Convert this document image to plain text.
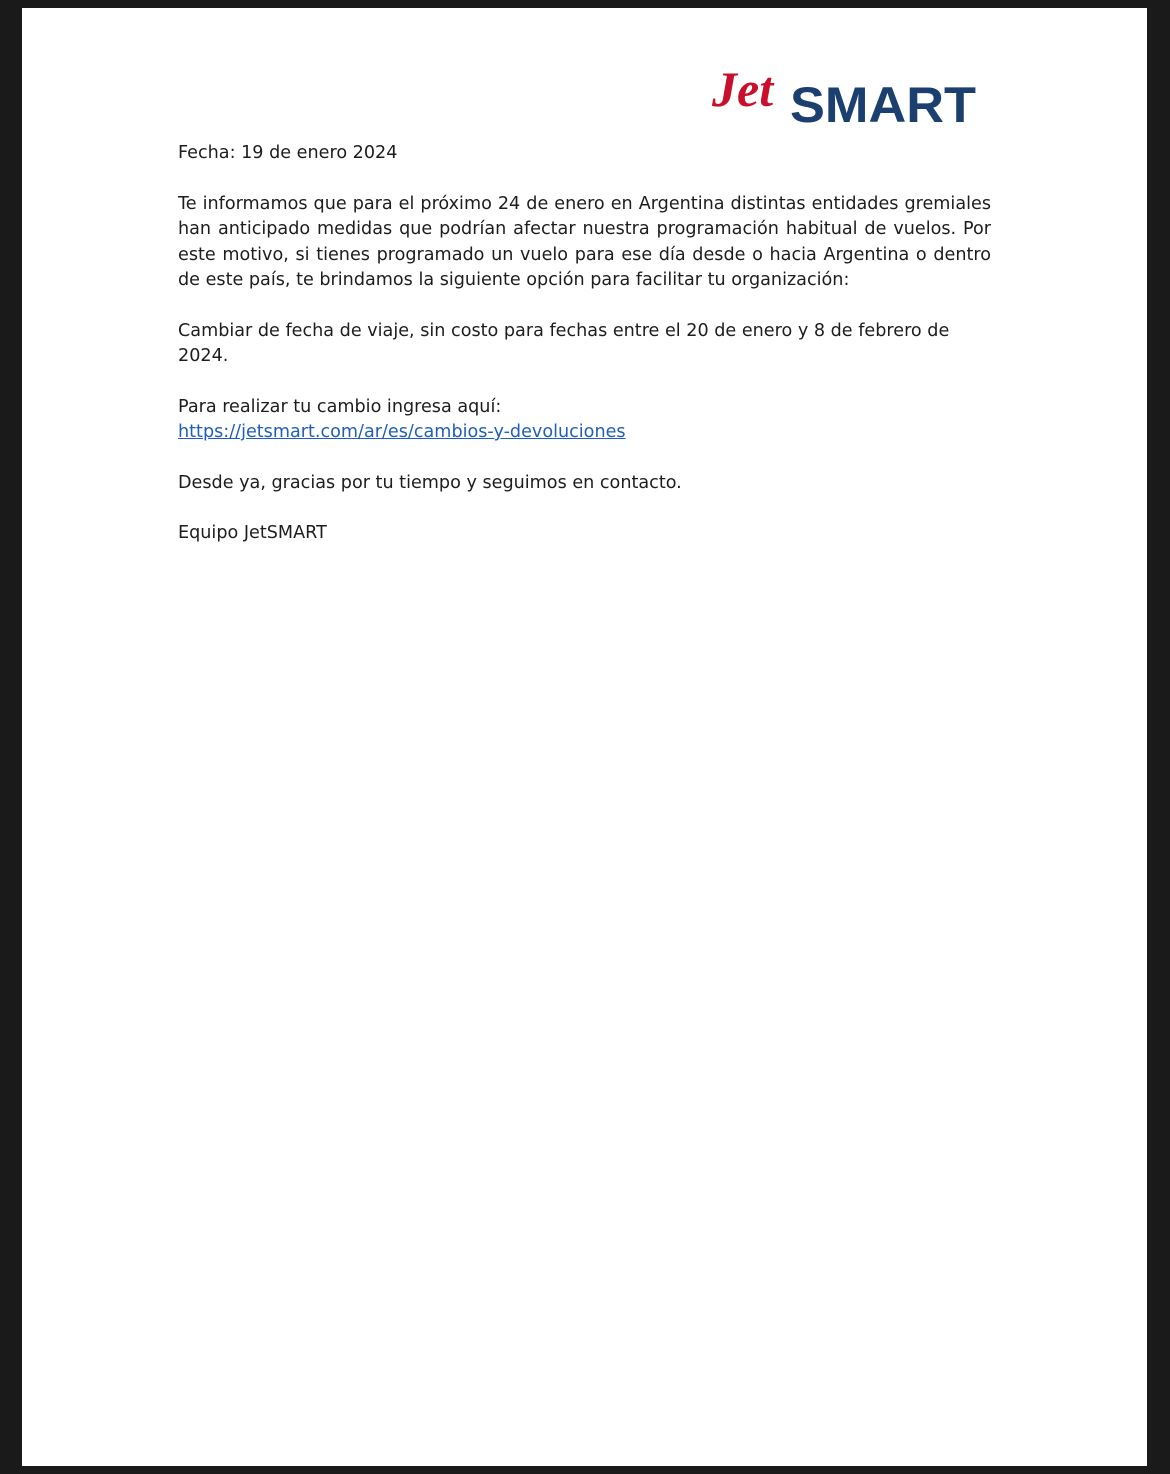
Jet SMART

Fecha: 19 de enero 2024

Te informamos que para el próximo 24 de enero en Argentina distintas entidades gremiales han anticipado medidas que podrían afectar nuestra programación habitual de vuelos. Por este motivo, si tienes programado un vuelo para ese día desde o hacia Argentina o dentro de este país, te brindamos la siguiente opción para facilitar tu organización:

Cambiar de fecha de viaje, sin costo para fechas entre el 20 de enero y 8 de febrero de 2024.

Para realizar tu cambio ingresa aquí:

https://jetsmart.com/ar/es/cambios-y-devoluciones

Desde ya, gracias por tu tiempo y seguimos en contacto.

Equipo JetSMART
